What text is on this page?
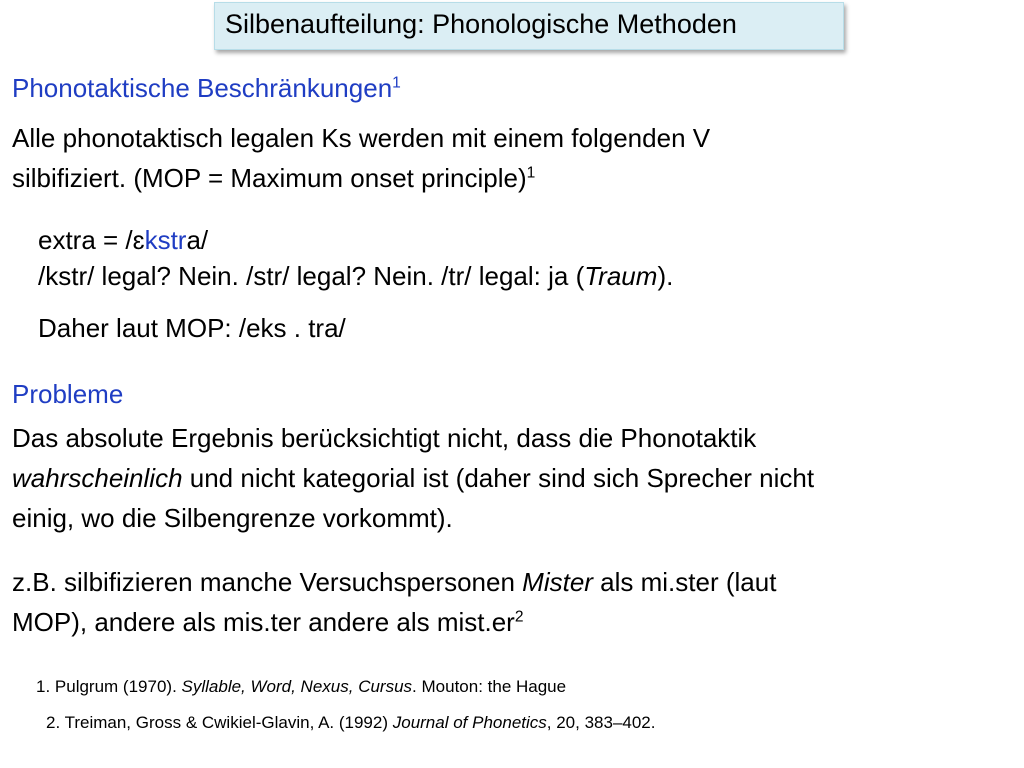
Silbenaufteilung: Phonologische Methoden
Phonotaktische Beschränkungen$^1$
Alle phonotaktisch legalen Ks werden mit einem folgenden V
silbifiziert. (MOP = Maximum onset principle)$^1$
extra = /ɛkstra/
/kstr/ legal? Nein. /str/ legal? Nein. /tr/ legal: ja (Traum).
Daher laut MOP: /eks . tra/
Probleme
Das absolute Ergebnis berücksichtigt nicht, dass die Phonotaktik
wahrscheinlich und nicht kategorial ist (daher sind sich Sprecher nicht
einig, wo die Silbengrenze vorkommt).
z.B. silbifizieren manche Versuchspersonen Mister als mi.ster (laut
MOP), andere als mis.ter andere als $mist.er^2$
1. Pulgrum (1970). Syllable, Word, Nexus, Cursus. Mouton: the Hague
2. Treiman, Gross & Cwikiel-Glavin, A. (1992) Journal of Phonetics, 20, 383–402.
